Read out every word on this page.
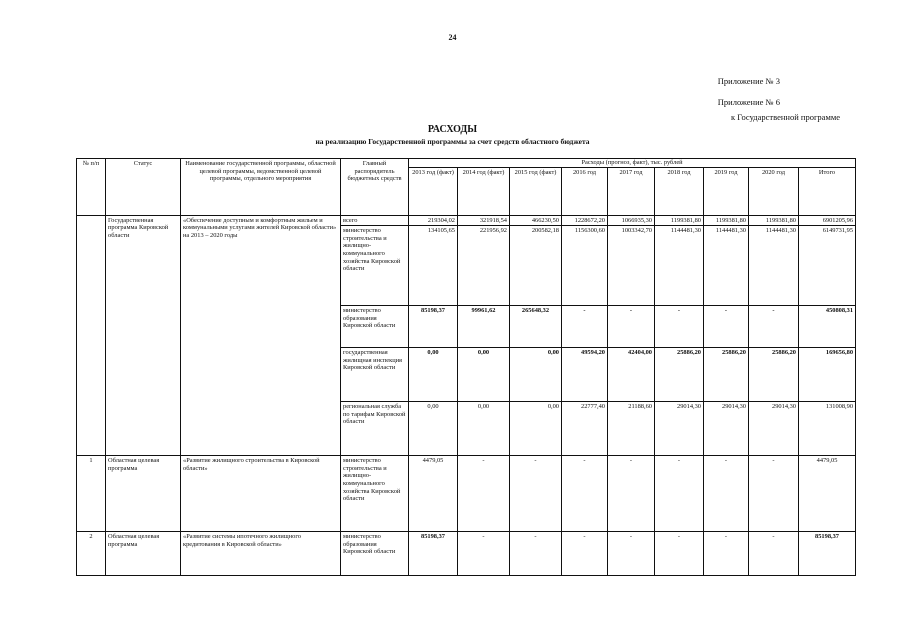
24
Приложение № 3
Приложение № 6
к Государственной программе
РАСХОДЫ
на реализацию Государственной программы за счет средств областного бюджета
№ п/п	Статус	Наименование государственной программы, областной целевой программы, ведомственной целевой программы, отдельного мероприятия	Главный распорядитель бюджетных средств	Расходы (прогноз, факт), тыс. рублей								
				2013 год (факт)	2014 год (факт)	2015 год (факт)	2016 год	2017 год	2018 год	2019 год	2020 год	Итого
	Государственная программа Кировской области	«Обеспечение доступным и комфортным жильем и коммунальными услугами жителей Кировской области» на 2013 – 2020 годы	всего	219304,02	321918,54	466230,50	1228672,20	1066935,30	1199381,80	1199381,80	1199381,80	6901205,96
			министерство строительства и жилищно-коммунального хозяйства Кировской области	134105,65	221956,92	200582,18	1156300,60	1003342,70	1144481,30	1144481,30	1144481,30	6149731,95
			министерство образования Кировской области	85198,37	99961,62	265648,32	-	-	-	-	-	450808,31
			государственная жилищная инспекция Кировской области	0,00	0,00	0,00	49594,20	42404,00	25886,20	25886,20	25886,20	169656,80
			региональная служба по тарифам Кировской области	0,00	0,00	0,00	22777,40	21188,60	29014,30	29014,30	29014,30	131008,90
1	Областная целевая программа	«Развитие жилищного строительства в Кировской области»	министерство строительства и жилищно-коммунального хозяйства Кировской области	4479,05	-	-	-	-	-	-	-	4479,05
2	Областная целевая программа	«Развитие системы ипотечного жилищного кредитования в Кировской области»	министерство образования Кировской области	85198,37	-	-	-	-	-	-	-	85198,37
